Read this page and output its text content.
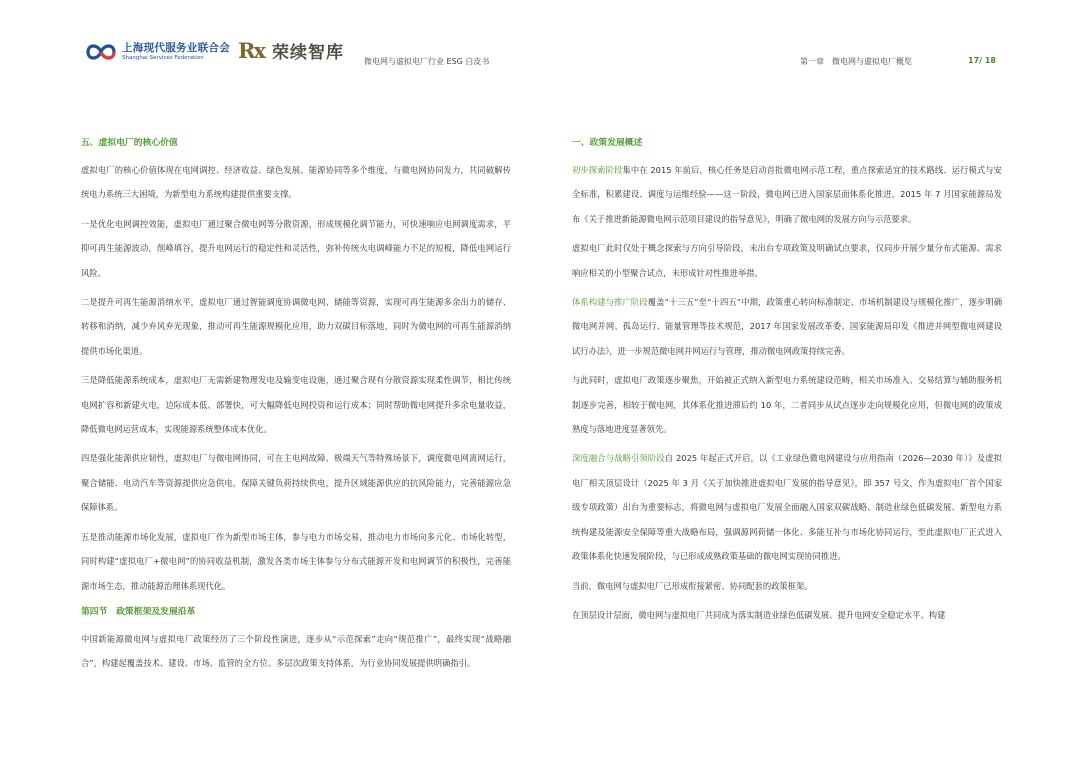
上海现代服务业联合会
Shanghai Services Federation	Rx 荣续智库	微电网与虚拟电厂行业 ESG 白皮书	第一章　微电网与虚拟电厂概览	17/ 18
五、虚拟电厂的核心价值

虚拟电厂的核心价值体现在电网调控、经济收益、绿色发展、能源协同等多个维度，与微电网协同发力，共同破解传统电力系统三大困境，为新型电力系统构建提供重要支撑。

一是优化电网调控效能，虚拟电厂通过聚合微电网等分散资源，形成规模化调节能力，可快速响应电网调度需求，平抑可再生能源波动，削峰填谷，提升电网运行的稳定性和灵活性，弥补传统火电调峰能力不足的短板，降低电网运行风险。

二是提升可再生能源消纳水平，虚拟电厂通过智能调度协调微电网、储能等资源，实现可再生能源多余出力的储存、转移和消纳，减少弃风弃光现象，推动可再生能源规模化应用，助力双碳目标落地，同时为微电网的可再生能源消纳提供市场化渠道。

三是降低能源系统成本，虚拟电厂无需新建物理发电及输变电设施，通过聚合现有分散资源实现柔性调节，相比传统电网扩容和新建火电，边际成本低、部署快，可大幅降低电网投资和运行成本；同时帮助微电网提升多余电量收益，降低微电网运营成本，实现能源系统整体成本优化。

四是强化能源供应韧性，虚拟电厂与微电网协同，可在主电网故障、极端天气等特殊场景下，调度微电网离网运行，聚合储能、电动汽车等资源提供应急供电，保障关键负荷持续供电，提升区域能源供应的抗风险能力，完善能源应急保障体系。

五是推动能源市场化发展，虚拟电厂作为新型市场主体，参与电力市场交易，推动电力市场向多元化、市场化转型，同时构建“虚拟电厂+微电网”的协同收益机制，激发各类市场主体参与分布式能源开发和电网调节的积极性，完善能源市场生态，推动能源治理体系现代化。

第四节　政策框架及发展沿革

中国新能源微电网与虚拟电厂政策经历了三个阶段性演进，逐步从“示范探索”走向“规范推广”，最终实现“战略融合”，构建起覆盖技术、建设、市场、监管的全方位、多层次政策支持体系，为行业协同发展提供明确指引。

一、政策发展概述

初步探索阶段集中在 2015 年前后，核心任务是启动首批微电网示范工程，重点探索适宜的技术路线、运行模式与安全标准，积累建设、调度与运维经验——这一阶段，微电网已进入国家层面体系化推进，2015 年 7 月国家能源局发布《关于推进新能源微电网示范项目建设的指导意见》，明确了微电网的发展方向与示范要求。

虚拟电厂此时仅处于概念探索与方向引导阶段，未出台专项政策及明确试点要求，仅同步开展少量分布式能源、需求响应相关的小型聚合试点，未形成针对性推进举措。

体系构建与推广阶段覆盖“十三五”至“十四五”中期，政策重心转向标准制定、市场机制建设与规模化推广，逐步明确微电网并网、孤岛运行、能量管理等技术规范，2017 年国家发展改革委、国家能源局印发《推进并网型微电网建设试行办法》，进一步规范微电网并网运行与管理，推动微电网政策持续完善。

与此同时，虚拟电厂政策逐步聚焦，开始被正式纳入新型电力系统建设范畴，相关市场准入、交易结算与辅助服务机制逐步完善，相较于微电网，其体系化推进滞后约 10 年，二者同步从试点逐步走向规模化应用，但微电网的政策成熟度与落地进度显著领先。

深度融合与战略引领阶段自 2025 年起正式开启，以《工业绿色微电网建设与应用指南（2026—2030 年）》及虚拟电厂相关顶层设计（2025 年 3 月《关于加快推进虚拟电厂发展的指导意见》，即 357 号文，作为虚拟电厂首个国家级专项政策）出台为重要标志，将微电网与虚拟电厂发展全面融入国家双碳战略、制造业绿色低碳发展、新型电力系统构建及能源安全保障等重大战略布局，强调源网荷储一体化、多能互补与市场化协同运行，至此虚拟电厂正式进入政策体系化快速发展阶段，与已形成成熟政策基础的微电网实现协同推进。

当前，微电网与虚拟电厂已形成衔接紧密、协同配套的政策框架。

在顶层设计层面，微电网与虚拟电厂共同成为落实制造业绿色低碳发展、提升电网安全稳定水平、构建
